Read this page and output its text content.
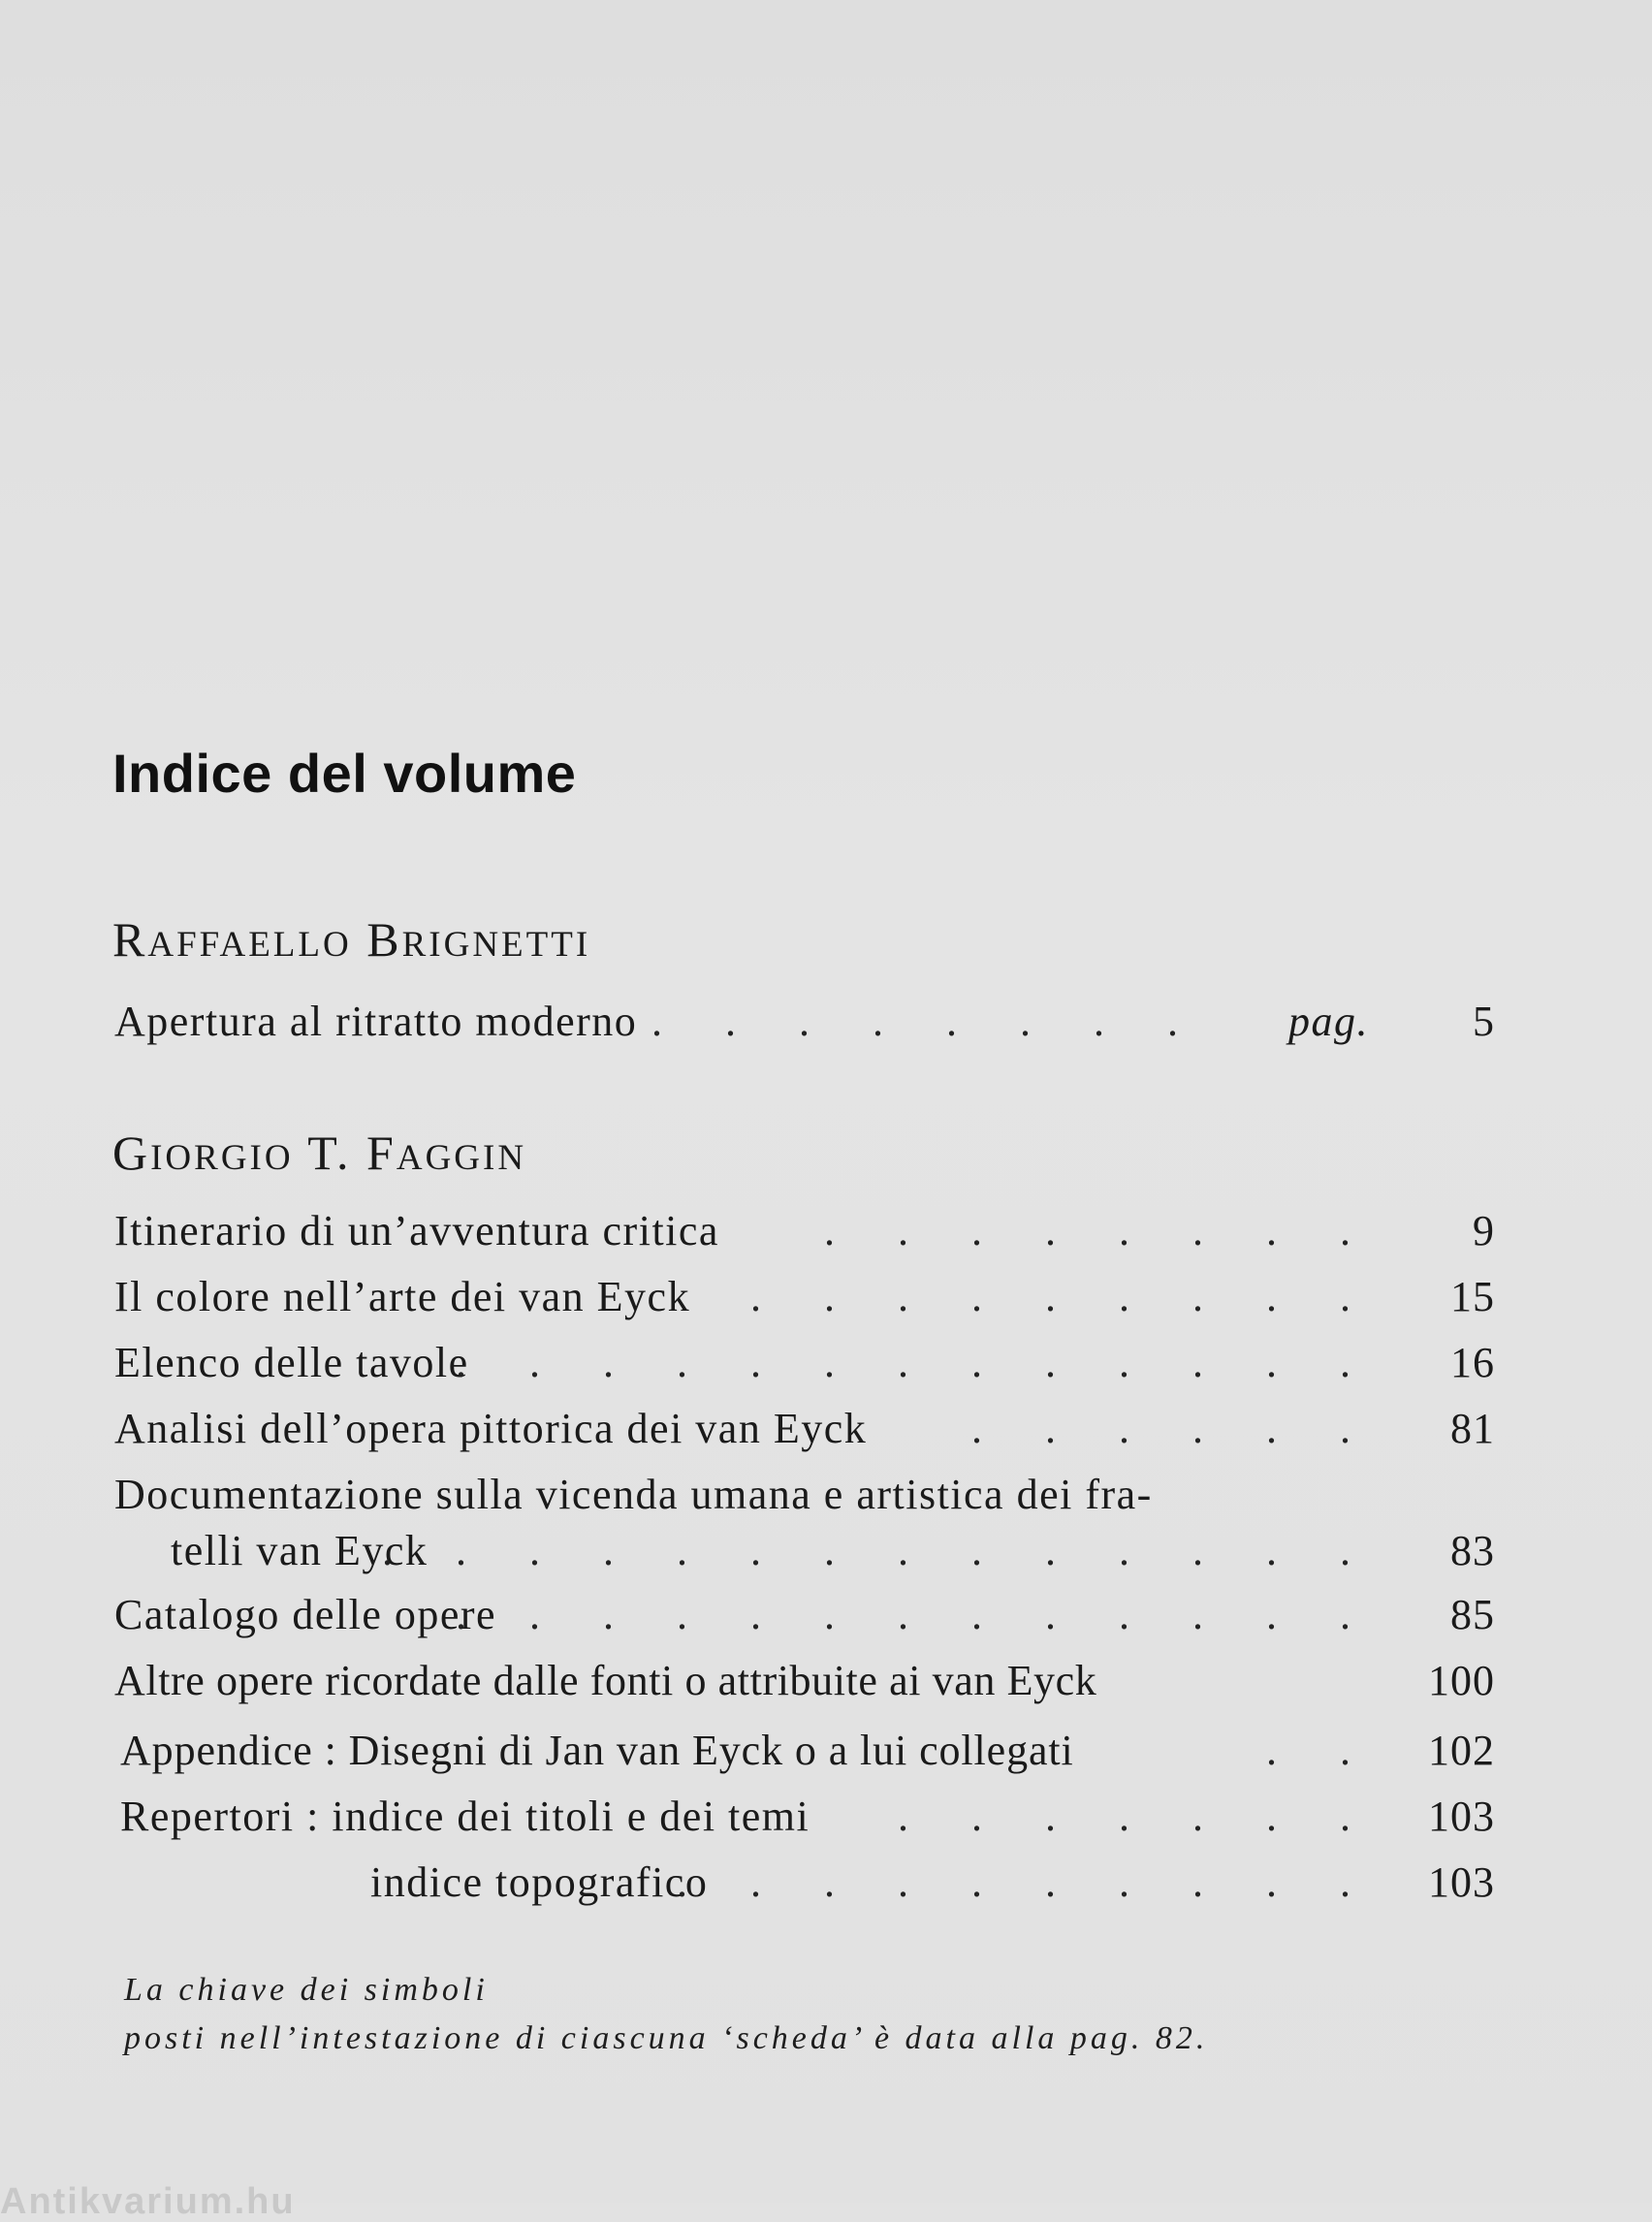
Indice del volume
RAFFAELLO BRIGNETTI
Apertura al ritratto moderno . . . . . . . . pag. 5
GIORGIO T. FAGGIN
Itinerario di un’avventura critica . . . . . . . . 9
Il colore nell’arte dei van Eyck . . . . . . . . . 15
Elenco delle tavole
. . . . . . . . . . . . . 16
Analisi dell’opera pittorica dei van Eyck . . . . . . 81
Documentazione sulla vicenda umana e artistica dei fra-
telli van Eyck
. . . . . . . . . . . . . . 83
Catalogo delle opere
. . . . . . . . . . . . . 85
Altre opere ricordate dalle fonti o attribuite ai van Eyck	100
Appendice : Disegni di Jan van Eyck o a lui collegati	. . 102
Repertori : indice dei titoli e dei temi . . . . . . . 103
indice topografico
. . . . . . . . . . 103
La chiave dei simboli
posti nell’intestazione di ciascuna ‘scheda’ è data alla pag. 82.
Antikvarium.hu
